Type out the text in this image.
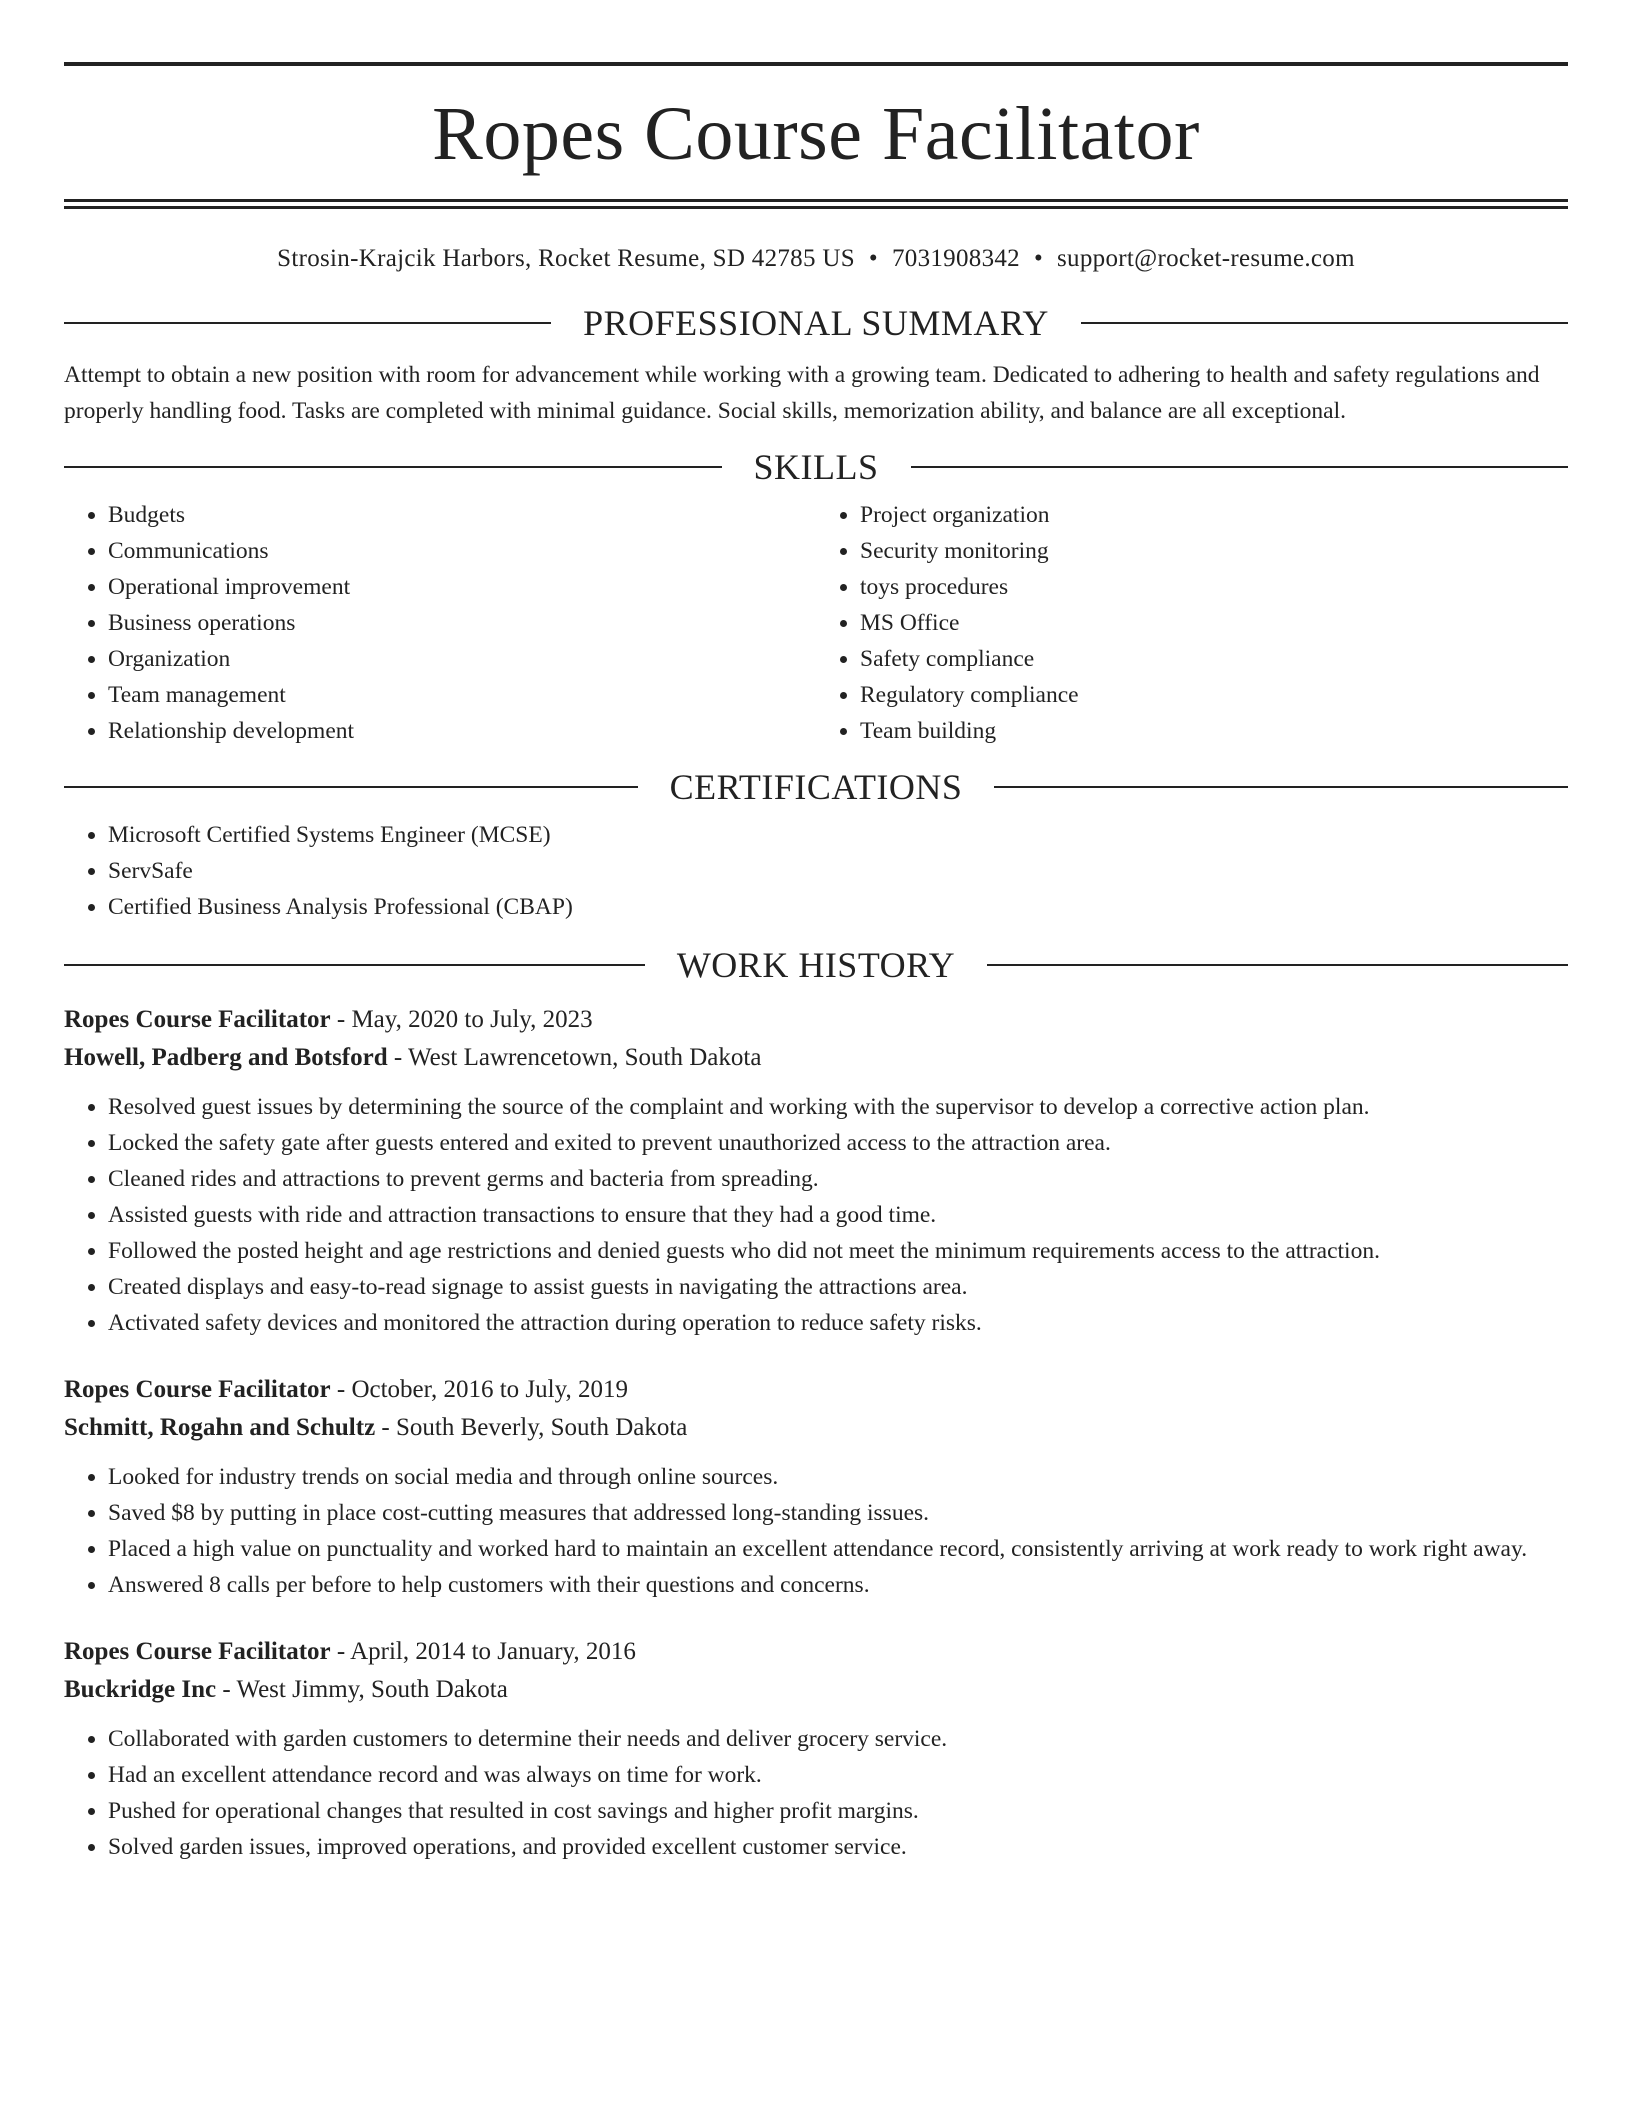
Ropes Course Facilitator
Strosin-Krajcik Harbors, Rocket Resume, SD 42785 US • 7031908342 • support@rocket-resume.com
PROFESSIONAL SUMMARY
Attempt to obtain a new position with room for advancement while working with a growing team. Dedicated to adhering to health and safety regulations and properly handling food. Tasks are completed with minimal guidance. Social skills, memorization ability, and balance are all exceptional.
SKILLS
• Budgets
• Communications
• Operational improvement
• Business operations
• Organization
• Team management
• Relationship development
• Project organization
• Security monitoring
• toys procedures
• MS Office
• Safety compliance
• Regulatory compliance
• Team building
CERTIFICATIONS
• Microsoft Certified Systems Engineer (MCSE)
• ServSafe
• Certified Business Analysis Professional (CBAP)
WORK HISTORY
Ropes Course Facilitator - May, 2020 to July, 2023
Howell, Padberg and Botsford - West Lawrencetown, South Dakota
• Resolved guest issues by determining the source of the complaint and working with the supervisor to develop a corrective action plan.
• Locked the safety gate after guests entered and exited to prevent unauthorized access to the attraction area.
• Cleaned rides and attractions to prevent germs and bacteria from spreading.
• Assisted guests with ride and attraction transactions to ensure that they had a good time.
• Followed the posted height and age restrictions and denied guests who did not meet the minimum requirements access to the attraction.
• Created displays and easy-to-read signage to assist guests in navigating the attractions area.
• Activated safety devices and monitored the attraction during operation to reduce safety risks.
Ropes Course Facilitator - October, 2016 to July, 2019
Schmitt, Rogahn and Schultz - South Beverly, South Dakota
• Looked for industry trends on social media and through online sources.
• Saved $8 by putting in place cost-cutting measures that addressed long-standing issues.
• Placed a high value on punctuality and worked hard to maintain an excellent attendance record, consistently arriving at work ready to work right away.
• Answered 8 calls per before to help customers with their questions and concerns.
Ropes Course Facilitator - April, 2014 to January, 2016
Buckridge Inc - West Jimmy, South Dakota
• Collaborated with garden customers to determine their needs and deliver grocery service.
• Had an excellent attendance record and was always on time for work.
• Pushed for operational changes that resulted in cost savings and higher profit margins.
• Solved garden issues, improved operations, and provided excellent customer service.
